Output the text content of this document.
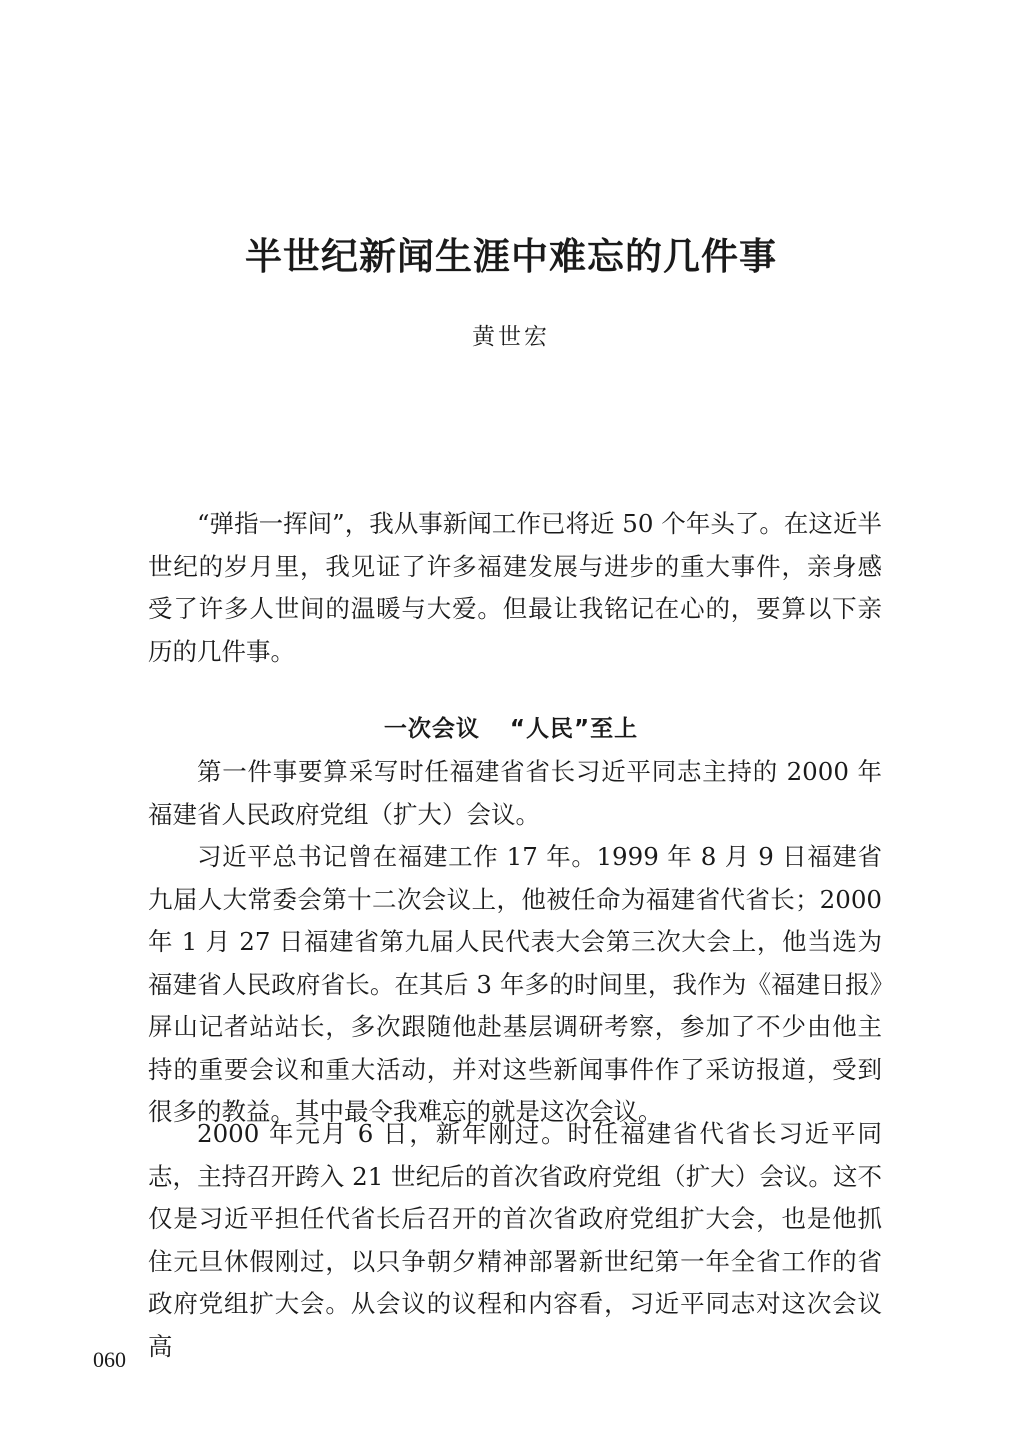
半世纪新闻生涯中难忘的几件事
黄世宏

“弹指一挥间”，我从事新闻工作已将近 50 个年头了。在这近半世纪的岁月里，我见证了许多福建发展与进步的重大事件，亲身感受了许多人世间的温暖与大爱。但最让我铭记在心的，要算以下亲历的几件事。

一次会议 “人民”至上

第一件事要算采写时任福建省省长习近平同志主持的 2000 年福建省人民政府党组（扩大）会议。

习近平总书记曾在福建工作 17 年。1999 年 8 月 9 日福建省九届人大常委会第十二次会议上，他被任命为福建省代省长；2000 年 1 月 27 日福建省第九届人民代表大会第三次大会上，他当选为福建省人民政府省长。在其后 3 年多的时间里，我作为《福建日报》屏山记者站站长，多次跟随他赴基层调研考察，参加了不少由他主持的重要会议和重大活动，并对这些新闻事件作了采访报道，受到很多的教益。其中最令我难忘的就是这次会议。

2000 年元月 6 日，新年刚过。时任福建省代省长习近平同志，主持召开跨入 21 世纪后的首次省政府党组（扩大）会议。这不仅是习近平担任代省长后召开的首次省政府党组扩大会，也是他抓住元旦休假刚过，以只争朝夕精神部署新世纪第一年全省工作的省政府党组扩大会。从会议的议程和内容看，习近平同志对这次会议高

060
